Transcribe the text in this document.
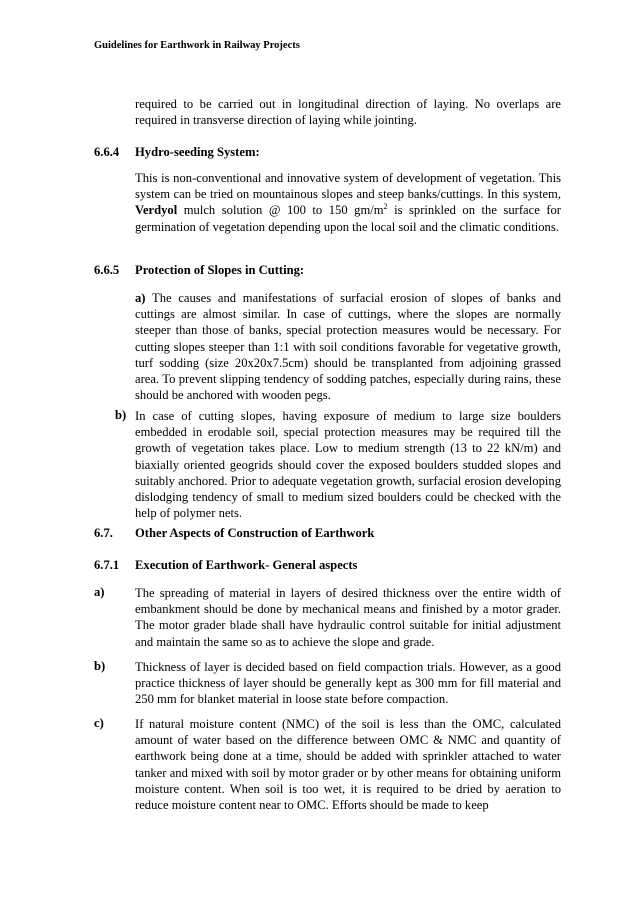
Guidelines for Earthwork in Railway Projects

required to be carried out in longitudinal direction of laying. No overlaps are required in transverse direction of laying while jointing.

6.6.4 Hydro-seeding System:

This is non-conventional and innovative system of development of vegetation. This system can be tried on mountainous slopes and steep banks/cuttings. In this system, Verdyol mulch solution @ 100 to 150 $gm/m^2$ is sprinkled on the surface for germination of vegetation depending upon the local soil and the climatic conditions.

6.6.5 Protection of Slopes in Cutting:

a) The causes and manifestations of surfacial erosion of slopes of banks and cuttings are almost similar. In case of cuttings, where the slopes are normally steeper than those of banks, special protection measures would be necessary. For cutting slopes steeper than 1:1 with soil conditions favorable for vegetative growth, turf sodding (size 20x20x7.5cm) should be transplanted from adjoining grassed area. To prevent slipping tendency of sodding patches, especially during rains, these should be anchored with wooden pegs.

b) In case of cutting slopes, having exposure of medium to large size boulders embedded in erodable soil, special protection measures may be required till the growth of vegetation takes place. Low to medium strength (13 to 22 kN/m) and biaxially oriented geogrids should cover the exposed boulders studded slopes and suitably anchored. Prior to adequate vegetation growth, surfacial erosion developing dislodging tendency of small to medium sized boulders could be checked with the help of polymer nets.

6.7. Other Aspects of Construction of Earthwork
6.7.1 Execution of Earthwork- General aspects
a) The spreading of material in layers of desired thickness over the entire width of embankment should be done by mechanical means and finished by a motor grader. The motor grader blade shall have hydraulic control suitable for initial adjustment and maintain the same so as to achieve the slope and grade.

b) Thickness of layer is decided based on field compaction trials. However, as a good practice thickness of layer should be generally kept as 300 mm for fill material and 250 mm for blanket material in loose state before compaction.

c) If natural moisture content (NMC) of the soil is less than the OMC, calculated amount of water based on the difference between OMC & NMC and quantity of earthwork being done at a time, should be added with sprinkler attached to water tanker and mixed with soil by motor grader or by other means for obtaining uniform moisture content. When soil is too wet, it is required to be dried by aeration to reduce moisture content near to OMC. Efforts should be made to keep
